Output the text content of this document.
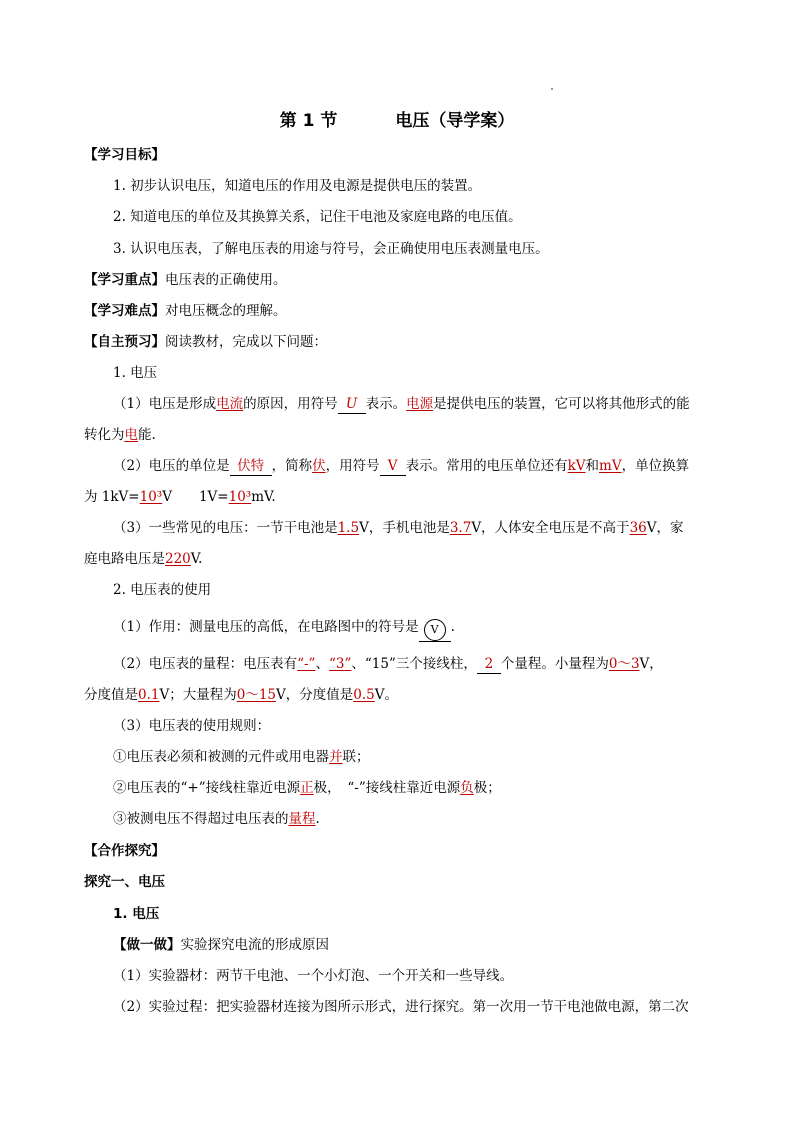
第 1 节	电压（导学案）
【学习目标】
1. 初步认识电压，知道电压的作用及电源是提供电压的装置。
2. 知道电压的单位及其换算关系，记住干电池及家庭电路的电压值。
3. 认识电压表，了解电压表的用途与符号，会正确使用电压表测量电压。
【学习重点】电压表的正确使用。
【学习难点】对电压概念的理解。
【自主预习】阅读教材，完成以下问题：
1. 电压
（1）电压是形成电流的原因，用符号 U 表示。电源是提供电压的装置，它可以将其他形式的能
转化为电能.
（2）电压的单位是 伏特 ，简称伏，用符号 V 表示。常用的电压单位还有kV和mV，单位换算
为 1kV=10³V　　1V=10³mV.
（3）一些常见的电压：一节干电池是1.5V，手机电池是3.7V，人体安全电压是不高于36V，家
庭电路电压是220V.
2. 电压表的使用
（1）作用：测量电压的高低，在电路图中的符号是 V .
（2）电压表的量程：电压表有“-”、“3”、“15”三个接线柱， 2 个量程。小量程为0～3V，
分度值是0.1V；大量程为0～15V，分度值是0.5V。
（3）电压表的使用规则：
①电压表必须和被测的元件或用电器并联；
②电压表的“+”接线柱靠近电源正极，　“-”接线柱靠近电源负极；
③被测电压不得超过电压表的量程.
【合作探究】
探究一、电压
1. 电压
【做一做】实验探究电流的形成原因
（1）实验器材：两节干电池、一个小灯泡、一个开关和一些导线。
（2）实验过程：把实验器材连接为图所示形式，进行探究。第一次用一节干电池做电源，第二次
